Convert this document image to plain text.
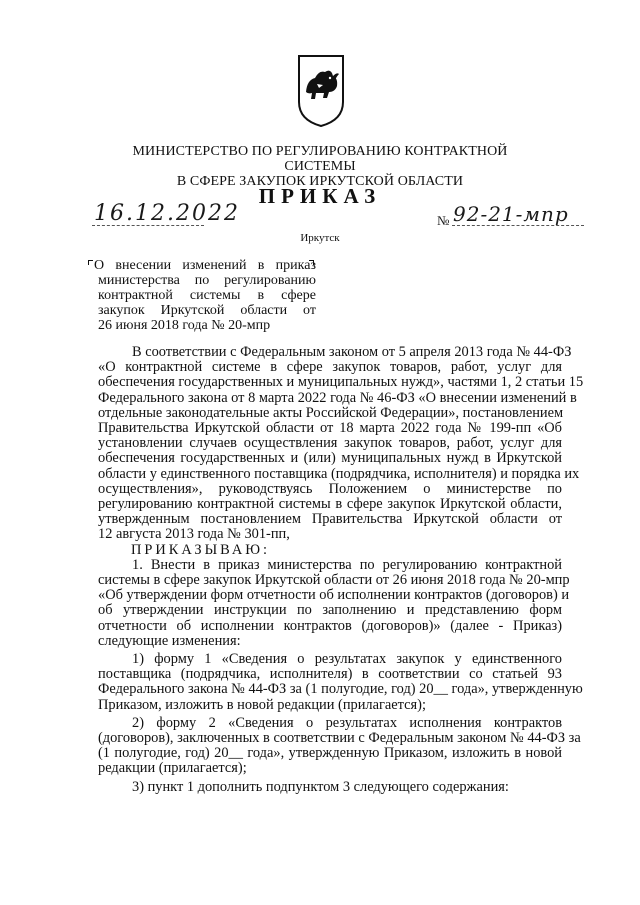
МИНИСТЕРСТВО ПО РЕГУЛИРОВАНИЮ КОНТРАКТНОЙ СИСТЕМЫ
В СФЕРЕ ЗАКУПОК ИРКУТСКОЙ ОБЛАСТИ
ПРИКАЗ
16.12.2022	№ 92-21-мпр
Иркутск
О внесении изменений в приказ
министерства по регулированию
контрактной системы в сфере
закупок Иркутской области от
26 июня 2018 года № 20-мпр
В соответствии с Федеральным законом от 5 апреля 2013 года № 44-ФЗ
«О контрактной системе в сфере закупок товаров, работ, услуг для
обеспечения государственных и муниципальных нужд», частями 1, 2 статьи 15
Федерального закона от 8 марта 2022 года № 46-ФЗ «О внесении изменений в
отдельные законодательные акты Российской Федерации», постановлением
Правительства Иркутской области от 18 марта 2022 года № 199-пп «Об
установлении случаев осуществления закупок товаров, работ, услуг для
обеспечения государственных и (или) муниципальных нужд в Иркутской
области у единственного поставщика (подрядчика, исполнителя) и порядка их
осуществления», руководствуясь Положением о министерстве по
регулированию контрактной системы в сфере закупок Иркутской области,
утвержденным постановлением Правительства Иркутской области от
12 августа 2013 года № 301-пп,
ПРИКАЗЫВАЮ:
1. Внести в приказ министерства по регулированию контрактной
системы в сфере закупок Иркутской области от 26 июня 2018 года № 20-мпр
«Об утверждении форм отчетности об исполнении контрактов (договоров) и
об утверждении инструкции по заполнению и представлению форм
отчетности об исполнении контрактов (договоров)» (далее - Приказ)
следующие изменения:
1) форму 1 «Сведения о результатах закупок у единственного
поставщика (подрядчика, исполнителя) в соответствии со статьей 93
Федерального закона № 44-ФЗ за (1 полугодие, год) 20__ года», утвержденную
Приказом, изложить в новой редакции (прилагается);
2) форму 2 «Сведения о результатах исполнения контрактов
(договоров), заключенных в соответствии с Федеральным законом № 44-ФЗ за
(1 полугодие, год) 20__ года», утвержденную Приказом, изложить в новой
редакции (прилагается);
3) пункт 1 дополнить подпунктом 3 следующего содержания:
